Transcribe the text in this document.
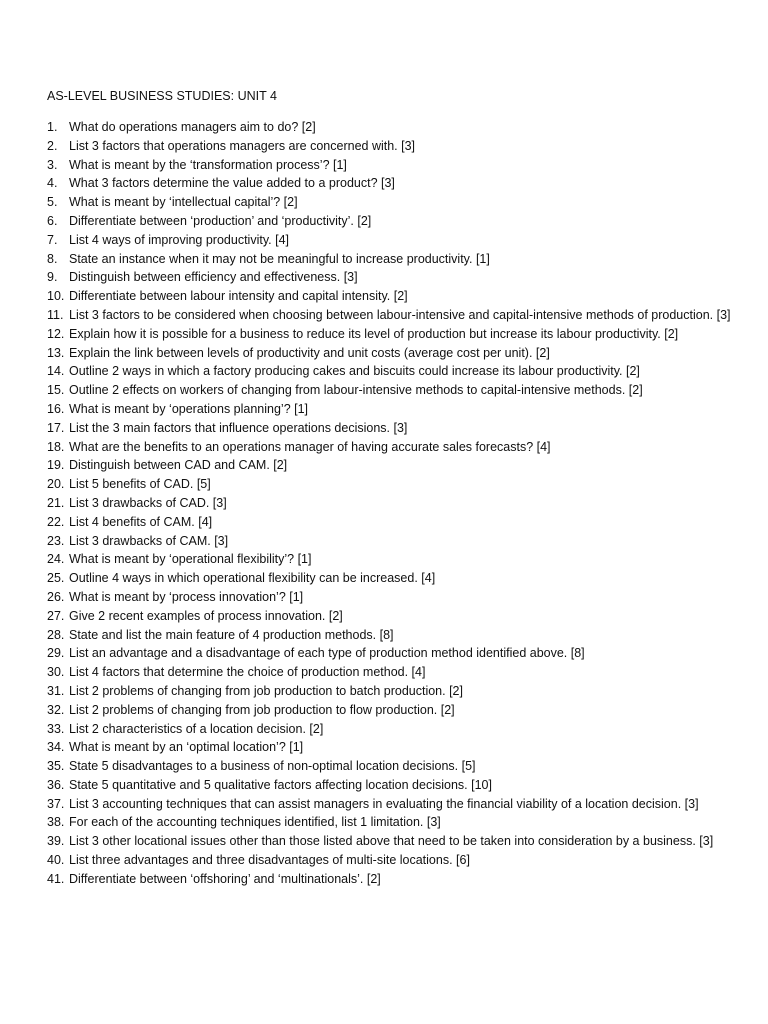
AS-LEVEL BUSINESS STUDIES: UNIT 4
1. What do operations managers aim to do? [2]
2. List 3 factors that operations managers are concerned with. [3]
3. What is meant by the ‘transformation process’? [1]
4. What 3 factors determine the value added to a product? [3]
5. What is meant by ‘intellectual capital’? [2]
6. Differentiate between ‘production’ and ‘productivity’. [2]
7. List 4 ways of improving productivity. [4]
8. State an instance when it may not be meaningful to increase productivity. [1]
9. Distinguish between efficiency and effectiveness. [3]
10. Differentiate between labour intensity and capital intensity. [2]
11. List 3 factors to be considered when choosing between labour-intensive and capital-intensive methods of production. [3]
12. Explain how it is possible for a business to reduce its level of production but increase its labour productivity. [2]
13. Explain the link between levels of productivity and unit costs (average cost per unit). [2]
14. Outline 2 ways in which a factory producing cakes and biscuits could increase its labour productivity. [2]
15. Outline 2 effects on workers of changing from labour-intensive methods to capital-intensive methods. [2]
16. What is meant by ‘operations planning’? [1]
17. List the 3 main factors that influence operations decisions. [3]
18. What are the benefits to an operations manager of having accurate sales forecasts? [4]
19. Distinguish between CAD and CAM. [2]
20. List 5 benefits of CAD. [5]
21. List 3 drawbacks of CAD. [3]
22. List 4 benefits of CAM. [4]
23. List 3 drawbacks of CAM. [3]
24. What is meant by ‘operational flexibility’? [1]
25. Outline 4 ways in which operational flexibility can be increased. [4]
26. What is meant by ‘process innovation’? [1]
27. Give 2 recent examples of process innovation. [2]
28. State and list the main feature of 4 production methods. [8]
29. List an advantage and a disadvantage of each type of production method identified above. [8]
30. List 4 factors that determine the choice of production method. [4]
31. List 2 problems of changing from job production to batch production. [2]
32. List 2 problems of changing from job production to flow production. [2]
33. List 2 characteristics of a location decision. [2]
34. What is meant by an ‘optimal location’? [1]
35. State 5 disadvantages to a business of non-optimal location decisions. [5]
36. State 5 quantitative and 5 qualitative factors affecting location decisions. [10]
37. List 3 accounting techniques that can assist managers in evaluating the financial viability of a location decision. [3]
38. For each of the accounting techniques identified, list 1 limitation. [3]
39. List 3 other locational issues other than those listed above that need to be taken into consideration by a business. [3]
40. List three advantages and three disadvantages of multi-site locations. [6]
41. Differentiate between ‘offshoring’ and ‘multinationals’. [2]
